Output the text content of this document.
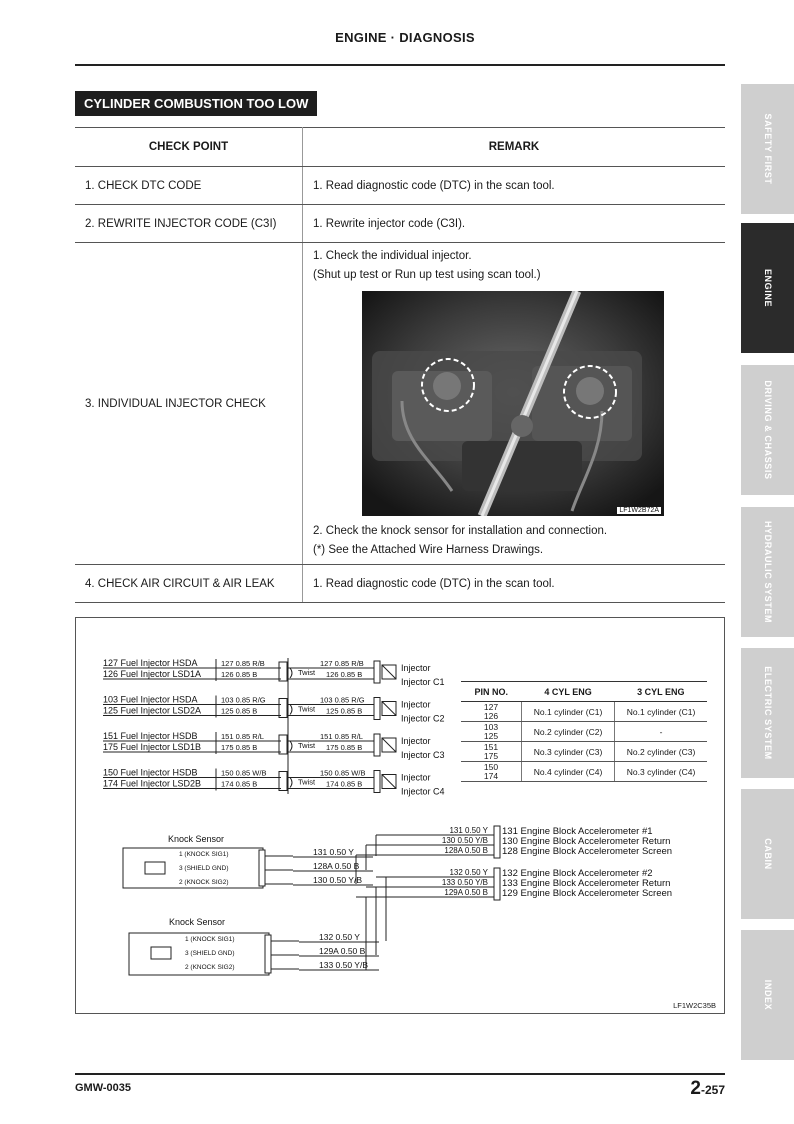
ENGINE · DIAGNOSIS
CYLINDER COMBUSTION TOO LOW
CHECK POINT	REMARK
1. CHECK DTC CODE	1. Read diagnostic code (DTC) in the scan tool.
2. REWRITE INJECTOR CODE (C3I)	1. Rewrite injector code (C3I).
3. INDIVIDUAL INJECTOR CHECK	1. Check the individual injector.
(Shut up test or Run up test using scan tool.)
LF1W2B72A
2. Check the knock sensor for installation and connection.
(*) See the Attached Wire Harness Drawings.

4. CHECK AIR CIRCUIT & AIR LEAK	1. Read diagnostic code (DTC) in the scan tool.
127 Fuel Injector HSDA
126 Fuel Injector LSD1A
127 0.85 R/B
126 0.85 B	Twist
127 0.85 R/B
126 0.85 B
Injector
Injector C1
103 Fuel Injector HSDA
125 Fuel Injector LSD2A
103 0.85 R/G
125 0.85 B	Twist
103 0.85 R/G
125 0.85 B
Injector
Injector C2
151 Fuel Injector HSDB
175 Fuel Injector LSD1B
151 0.85 R/L
175 0.85 B	Twist
151 0.85 R/L
175 0.85 B
Injector
Injector C3
150 Fuel Injector HSDB
174 Fuel Injector LSD2B
150 0.85 W/B
174 0.85 B	Twist
150 0.85 W/B
174 0.85 B
Injector
Injector C4
Knock Sensor
1 (KNOCK SIG1)
3 (SHIELD GND)
2 (KNOCK SIG2)
131 0.50 Y
128A 0.50 B
130 0.50 Y/B
Knock Sensor
1 (KNOCK SIG1)
3 (SHIELD GND)
2 (KNOCK SIG2)
132 0.50 Y
129A 0.50 B
133 0.50 Y/B
131 0.50 Y 131 Engine Block Accelerometer #1
130 0.50 Y/B 130 Engine Block Accelerometer Return
128A 0.50 B 128 Engine Block Accelerometer Screen
132 0.50 Y 132 Engine Block Accelerometer #2
133 0.50 Y/B 133 Engine Block Accelerometer Return
129A 0.50 B 129 Engine Block Accelerometer Screen
PIN NO.	4 CYL ENG	3 CYL ENG

127
126	No.1 cylinder (C1)	No.1 cylinder (C1)

103
125	No.2 cylinder (C2)	-

151
175	No.3 cylinder (C3)	No.2 cylinder (C3)

150
174	No.4 cylinder (C4)	No.3 cylinder (C4)
LF1W2C35B
SAFETY FIRST
ENGINE
DRIVING & CHASSIS
HYDRAULIC SYSTEM
ELECTRIC SYSTEM
CABIN
INDEX
GMW-0035	2-257
